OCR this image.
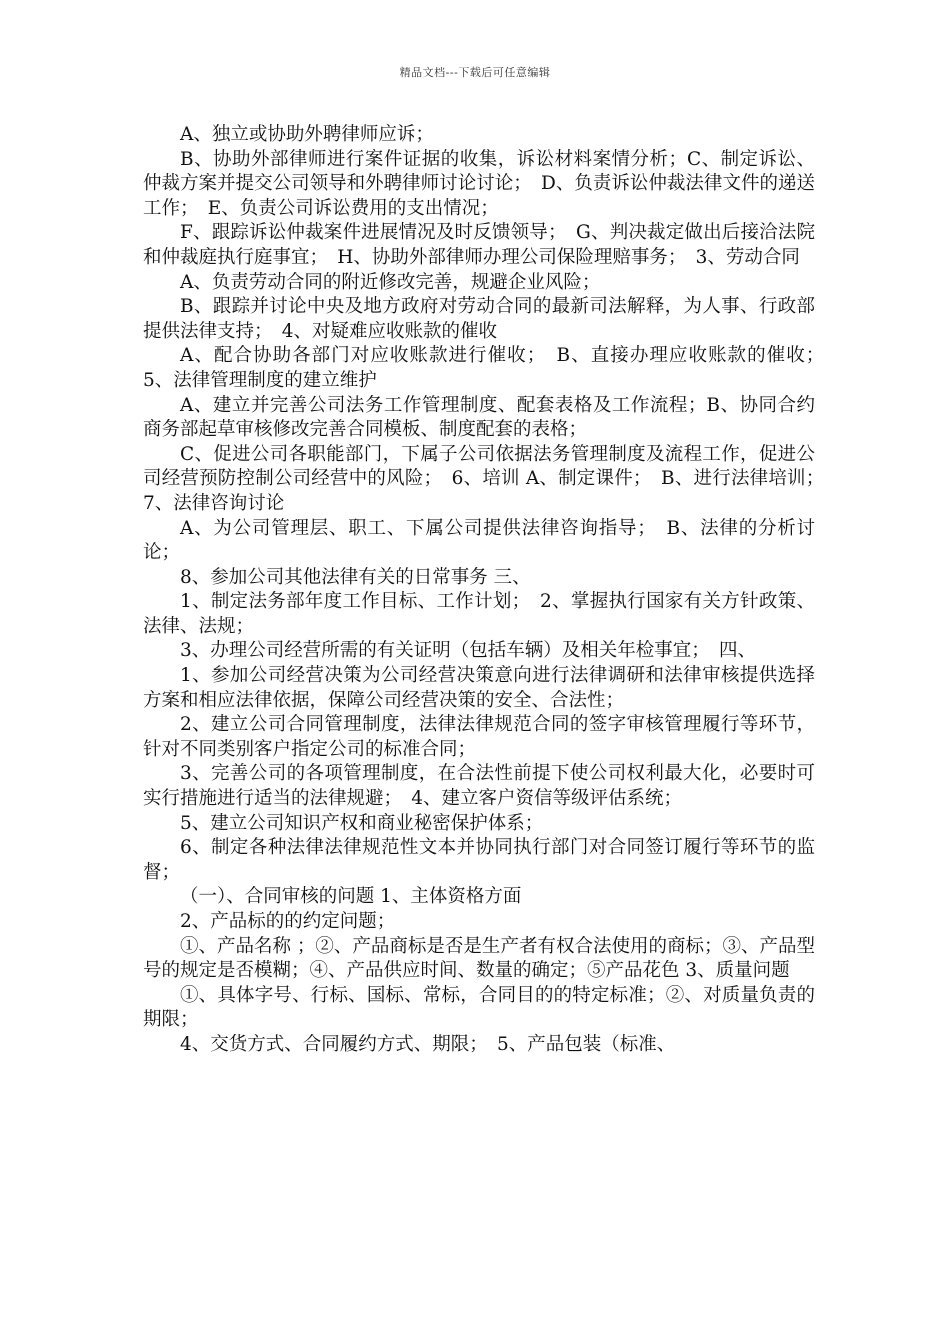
精品文档---下载后可任意编辑

A、独立或协助外聘律师应诉；

B、协助外部律师进行案件证据的收集，诉讼材料案情分析；C、制定诉讼、仲裁方案并提交公司领导和外聘律师讨论讨论；　D、负责诉讼仲裁法律文件的递送工作；　E、负责公司诉讼费用的支出情况；

F、跟踪诉讼仲裁案件进展情况及时反馈领导；　G、判决裁定做出后接洽法院和仲裁庭执行庭事宜；　H、协助外部律师办理公司保险理赔事务；　3、劳动合同

A、负责劳动合同的附近修改完善，规避企业风险；

B、跟踪并讨论中央及地方政府对劳动合同的最新司法解释，为人事、行政部提供法律支持；　4、对疑难应收账款的催收

A、配合协助各部门对应收账款进行催收；　B、直接办理应收账款的催收；　5、法律管理制度的建立维护

A、建立并完善公司法务工作管理制度、配套表格及工作流程；B、协同合约商务部起草审核修改完善合同模板、制度配套的表格；

C、促进公司各职能部门，下属子公司依据法务管理制度及流程工作，促进公司经营预防控制公司经营中的风险；　6、培训 A、制定课件；　B、进行法律培训；　7、法律咨询讨论

A、为公司管理层、职工、下属公司提供法律咨询指导；　B、法律的分析讨论；

8、参加公司其他法律有关的日常事务 三、

1、制定法务部年度工作目标、工作计划；　2、掌握执行国家有关方针政策、法律、法规；

3、办理公司经营所需的有关证明（包括车辆）及相关年检事宜；　四、

1、参加公司经营决策为公司经营决策意向进行法律调研和法律审核提供选择方案和相应法律依据，保障公司经营决策的安全、合法性；

2、建立公司合同管理制度，法律法律规范合同的签字审核管理履行等环节，针对不同类别客户指定公司的标准合同；

3、完善公司的各项管理制度，在合法性前提下使公司权利最大化，必要时可实行措施进行适当的法律规避；　4、建立客户资信等级评估系统；

5、建立公司知识产权和商业秘密保护体系；

6、制定各种法律法律规范性文本并协同执行部门对合同签订履行等环节的监督；

（一）、合同审核的问题 1、主体资格方面

2、产品标的的约定问题；

①、产品名称 ；②、产品商标是否是生产者有权合法使用的商标；③、产品型号的规定是否模糊；④、产品供应时间、数量的确定；⑤产品花色 3、质量问题

①、具体字号、行标、国标、常标，合同目的的特定标准；②、对质量负责的期限；

4、交货方式、合同履约方式、期限；　5、产品包装（标准、
